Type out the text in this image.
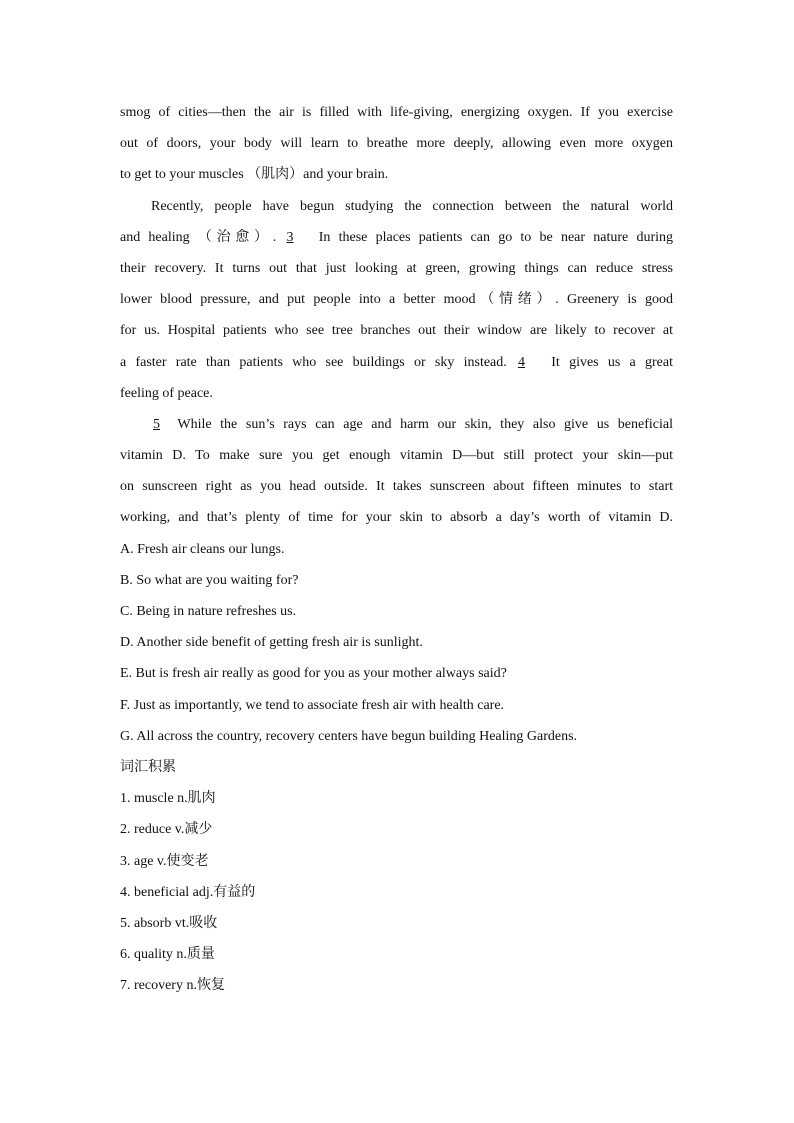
smog of cities—then the air is filled with life-giving, energizing oxygen. If you exercise
out of doors, your body will learn to breathe more deeply, allowing even more oxygen
to get to your muscles （肌肉）and your brain.
Recently, people have begun studying the connection between the natural world
and healing （治愈）. 3 In these places patients can go to be near nature during
their recovery. It turns out that just looking at green, growing things can reduce stress
lower blood pressure, and put people into a better mood（情绪）. Greenery is good
for us. Hospital patients who see tree branches out their window are likely to recover at
a faster rate than patients who see buildings or sky instead. 4 It gives us a great
feeling of peace.
5 While the sun’s rays can age and harm our skin, they also give us beneficial
vitamin D. To make sure you get enough vitamin D—but still protect your skin—put
on sunscreen right as you head outside. It takes sunscreen about fifteen minutes to start
working, and that’s plenty of time for your skin to absorb a day’s worth of vitamin D.
A. Fresh air cleans our lungs.
B. So what are you waiting for?
C. Being in nature refreshes us.
D. Another side benefit of getting fresh air is sunlight.
E. But is fresh air really as good for you as your mother always said?
F. Just as importantly, we tend to associate fresh air with health care.
G. All across the country, recovery centers have begun building Healing Gardens.
词汇积累
1. muscle n.肌肉
2. reduce v.减少
3. age v.使变老
4. beneficial adj.有益的
5. absorb vt.吸收
6. quality n.质量
7. recovery n.恢复
